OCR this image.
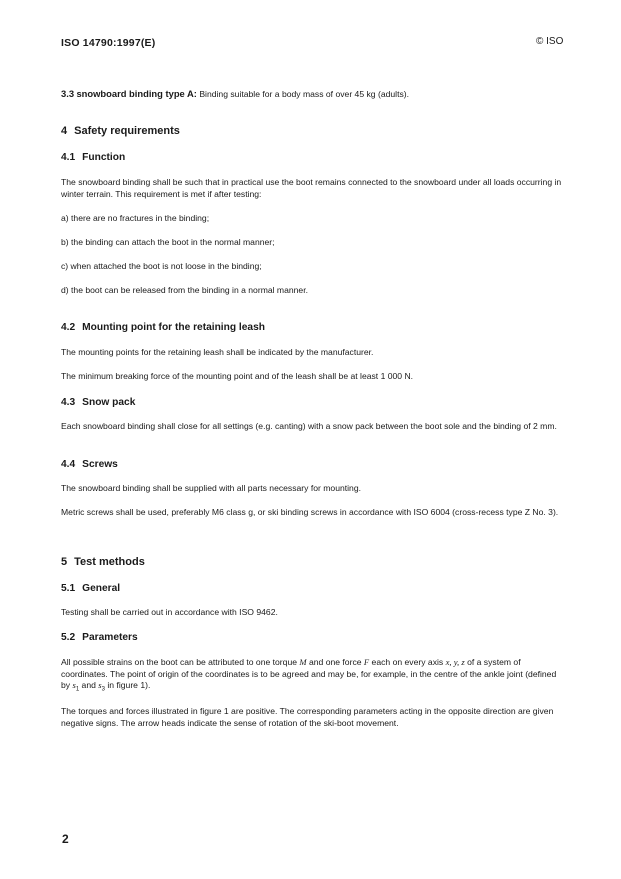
ISO 14790:1997(E)	© ISO
3.3 snowboard binding type A: Binding suitable for a body mass of over 45 kg (adults).
4 Safety requirements
4.1 Function
The snowboard binding shall be such that in practical use the boot remains connected to the snowboard under all loads occurring in winter terrain. This requirement is met if after testing:
a) there are no fractures in the binding;
b) the binding can attach the boot in the normal manner;
c) when attached the boot is not loose in the binding;
d) the boot can be released from the binding in a normal manner.
4.2 Mounting point for the retaining leash
The mounting points for the retaining leash shall be indicated by the manufacturer.
The minimum breaking force of the mounting point and of the leash shall be at least 1 000 N.
4.3 Snow pack
Each snowboard binding shall close for all settings (e.g. canting) with a snow pack between the boot sole and the binding of 2 mm.
4.4 Screws
The snowboard binding shall be supplied with all parts necessary for mounting.
Metric screws shall be used, preferably M6 class g, or ski binding screws in accordance with ISO 6004 (cross-recess type Z No. 3).
5 Test methods
5.1 General
Testing shall be carried out in accordance with ISO 9462.
5.2 Parameters
All possible strains on the boot can be attributed to one torque M and one force F each on every axis x, y, z of a system of coordinates. The point of origin of the coordinates is to be agreed and may be, for example, in the centre of the ankle joint (defined by $s_1$ and $s_3$ in figure 1).
The torques and forces illustrated in figure 1 are positive. The corresponding parameters acting in the opposite direction are given negative signs. The arrow heads indicate the sense of rotation of the ski-boot movement.
2
